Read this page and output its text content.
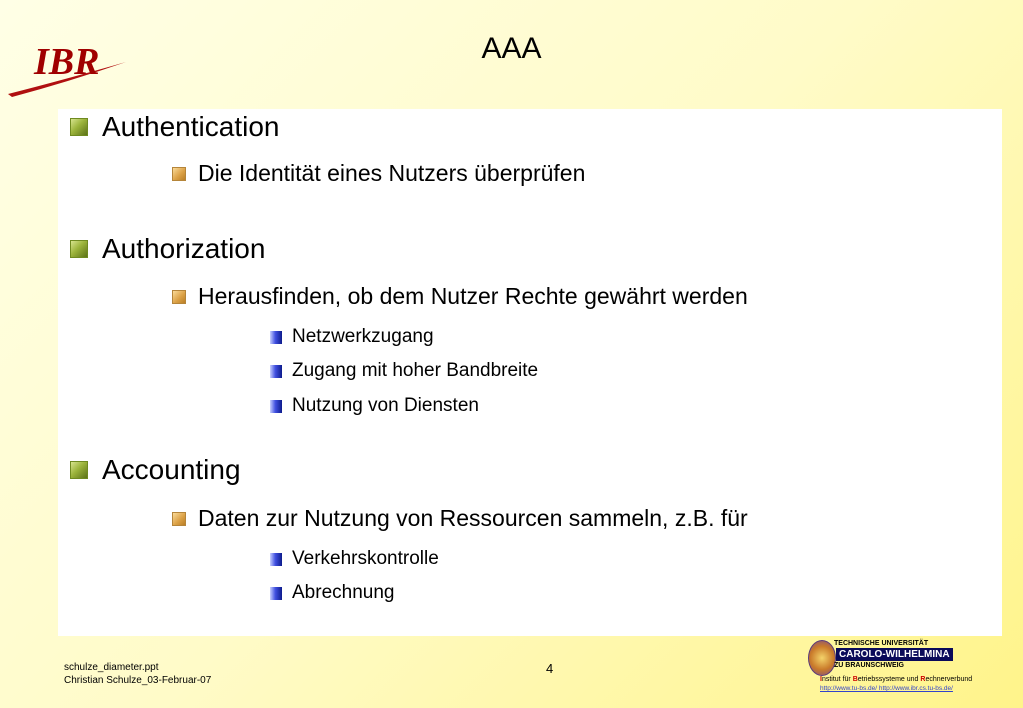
IBR	AAA
Authentication
Die Identität eines Nutzers überprüfen
Authorization
Herausfinden, ob dem Nutzer Rechte gewährt werden
Netzwerkzugang
Zugang mit hoher Bandbreite
Nutzung von Diensten
Accounting
Daten zur Nutzung von Ressourcen sammeln, z.B. für
Verkehrskontrolle
Abrechnung
schulze_diameter.ppt
Christian Schulze_03-Februar-07
4
TECHNISCHE UNIVERSITÄT
CAROLO-WILHELMINA
ZU BRAUNSCHWEIG
Institut für Betriebssysteme und Rechnerverbund
http://www.tu-bs.de/ http://www.ibr.cs.tu-bs.de/
